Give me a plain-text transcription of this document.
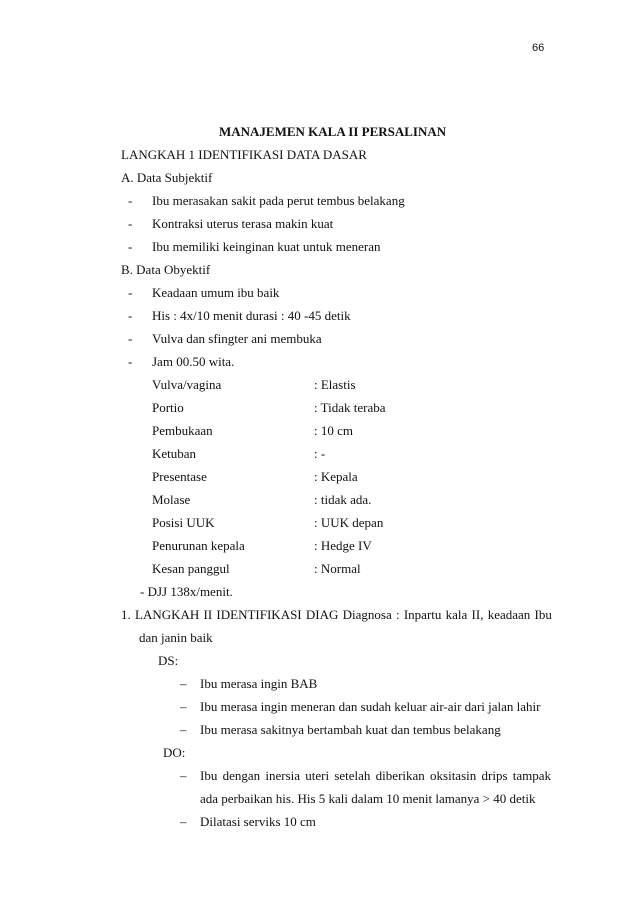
66
MANAJEMEN KALA II PERSALINAN
LANGKAH 1 IDENTIFIKASI DATA DASAR
A. Data Subjektif
- Ibu merasakan sakit pada perut tembus belakang
- Kontraksi uterus terasa makin kuat
- Ibu memiliki keinginan kuat untuk meneran
B. Data Obyektif
- Keadaan umum ibu baik
- His : 4x/10 menit durasi : 40 -45 detik
- Vulva dan sfingter ani membuka
- Jam 00.50 wita.
Vulva/vagina	: Elastis
Portio	: Tidak teraba
Pembukaan	: 10 cm
Ketuban	: -
Presentase	: Kepala
Molase	: tidak ada.
Posisi UUK	: UUK depan
Penurunan kepala	: Hedge IV
Kesan panggul	: Normal
- DJJ 138x/menit.
1. LANGKAH II IDENTIFIKASI DIAG Diagnosa : Inpartu kala II, keadaan Ibu
dan janin baik
DS:
– Ibu merasa ingin BAB
– Ibu merasa ingin meneran dan sudah keluar air-air dari jalan lahir
– Ibu merasa sakitnya bertambah kuat dan tembus belakang
DO:
– Ibu dengan inersia uteri setelah diberikan oksitasin drips tampak
ada perbaikan his. His 5 kali dalam 10 menit lamanya > 40 detik
– Dilatasi serviks 10 cm
